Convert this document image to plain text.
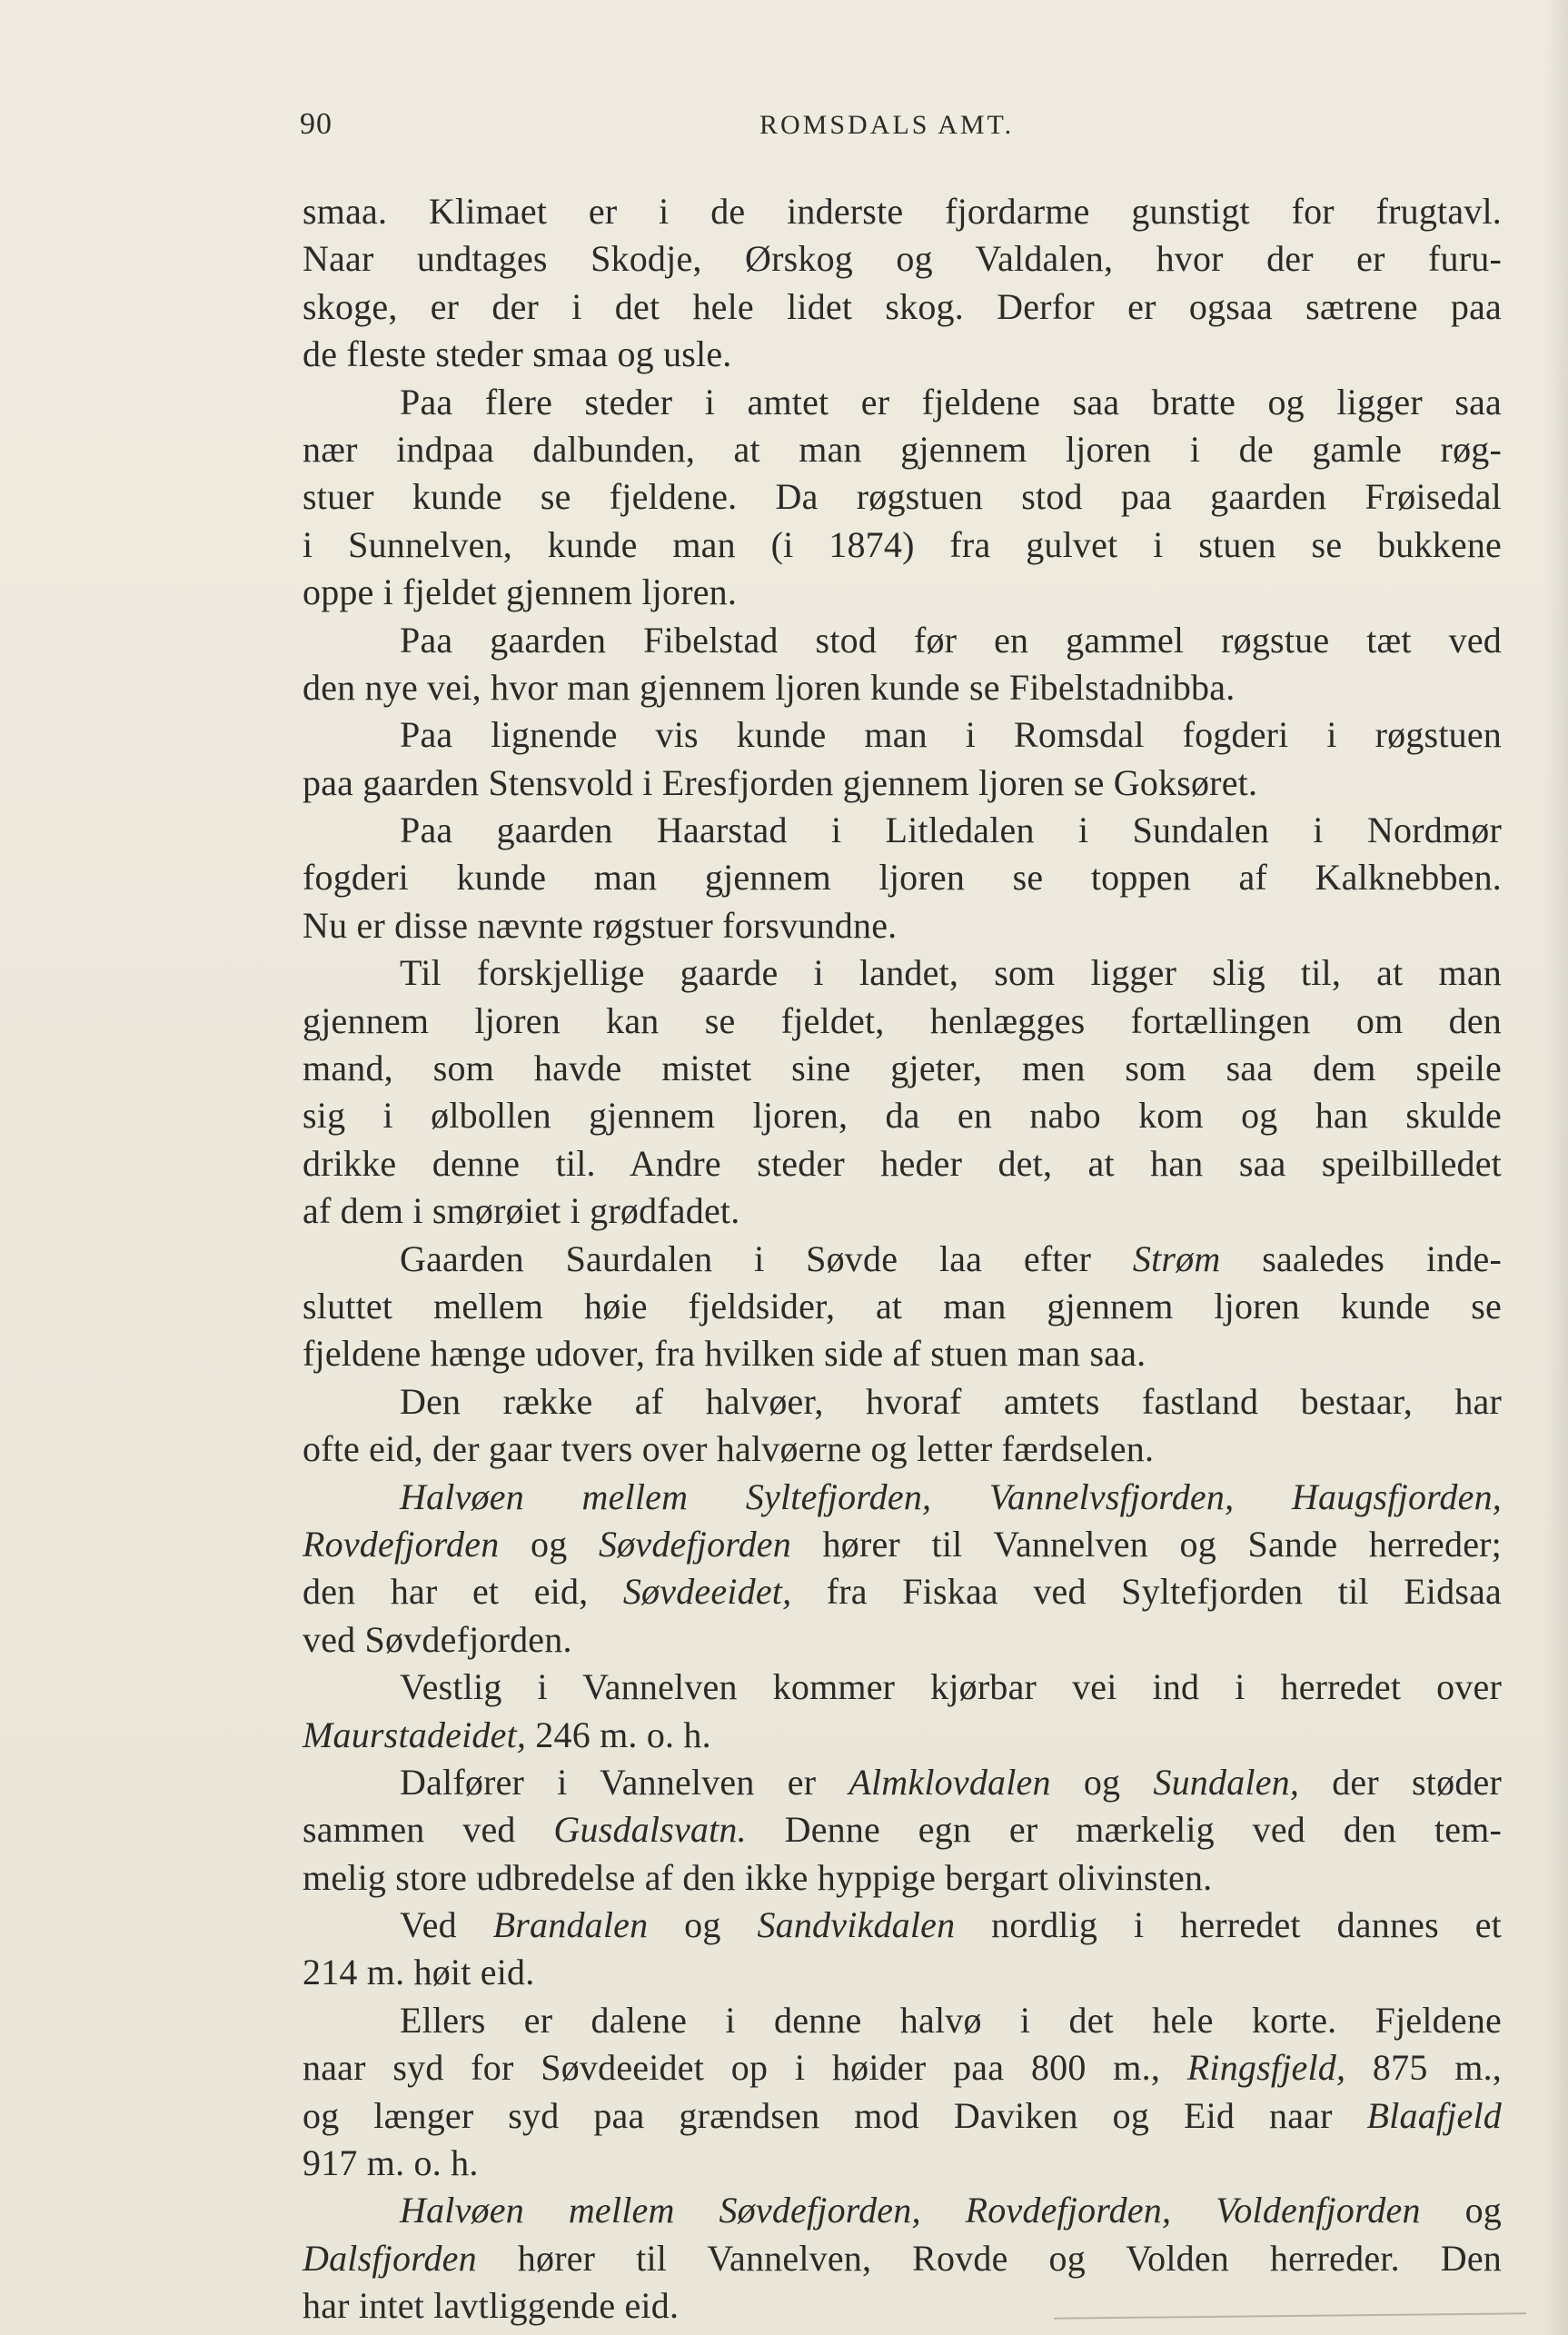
90	ROMSDALS AMT.
smaa. Klimaet er i de inderste fjordarme gunstigt for frugtavl.
Naar undtages Skodje, Ørskog og Valdalen, hvor der er furu-
skoge, er der i det hele lidet skog. Derfor er ogsaa sætrene paa
de fleste steder smaa og usle.
Paa flere steder i amtet er fjeldene saa bratte og ligger saa
nær indpaa dalbunden, at man gjennem ljoren i de gamle røg-
stuer kunde se fjeldene. Da røgstuen stod paa gaarden Frøisedal
i Sunnelven, kunde man (i 1874) fra gulvet i stuen se bukkene
oppe i fjeldet gjennem ljoren.
Paa gaarden Fibelstad stod før en gammel røgstue tæt ved
den nye vei, hvor man gjennem ljoren kunde se Fibelstadnibba.
Paa lignende vis kunde man i Romsdal fogderi i røgstuen
paa gaarden Stensvold i Eresfjorden gjennem ljoren se Goksøret.
Paa gaarden Haarstad i Litledalen i Sundalen i Nordmør
fogderi kunde man gjennem ljoren se toppen af Kalknebben.
Nu er disse nævnte røgstuer forsvundne.
Til forskjellige gaarde i landet, som ligger slig til, at man
gjennem ljoren kan se fjeldet, henlægges fortællingen om den
mand, som havde mistet sine gjeter, men som saa dem speile
sig i ølbollen gjennem ljoren, da en nabo kom og han skulde
drikke denne til. Andre steder heder det, at han saa speilbilledet
af dem i smørøiet i grødfadet.
Gaarden Saurdalen i Søvde laa efter Strøm saaledes inde-
sluttet mellem høie fjeldsider, at man gjennem ljoren kunde se
fjeldene hænge udover, fra hvilken side af stuen man saa.
Den række af halvøer, hvoraf amtets fastland bestaar, har
ofte eid, der gaar tvers over halvøerne og letter færdselen.
Halvøen mellem Syltefjorden, Vannelvsfjorden, Haugsfjorden,
Rovdefjorden og Søvdefjorden hører til Vannelven og Sande herreder;
den har et eid, Søvdeeidet, fra Fiskaa ved Syltefjorden til Eidsaa
ved Søvdefjorden.
Vestlig i Vannelven kommer kjørbar vei ind i herredet over
Maurstadeidet, 246 m. o. h.
Dalfører i Vannelven er Almklovdalen og Sundalen, der støder
sammen ved Gusdalsvatn. Denne egn er mærkelig ved den tem-
melig store udbredelse af den ikke hyppige bergart olivinsten.
Ved Brandalen og Sandvikdalen nordlig i herredet dannes et
214 m. høit eid.
Ellers er dalene i denne halvø i det hele korte. Fjeldene
naar syd for Søvdeeidet op i høider paa 800 m., Ringsfjeld, 875 m.,
og længer syd paa grændsen mod Daviken og Eid naar Blaafjeld
917 m. o. h.
Halvøen mellem Søvdefjorden, Rovdefjorden, Voldenfjorden og
Dalsfjorden hører til Vannelven, Rovde og Volden herreder. Den
har intet lavtliggende eid.
